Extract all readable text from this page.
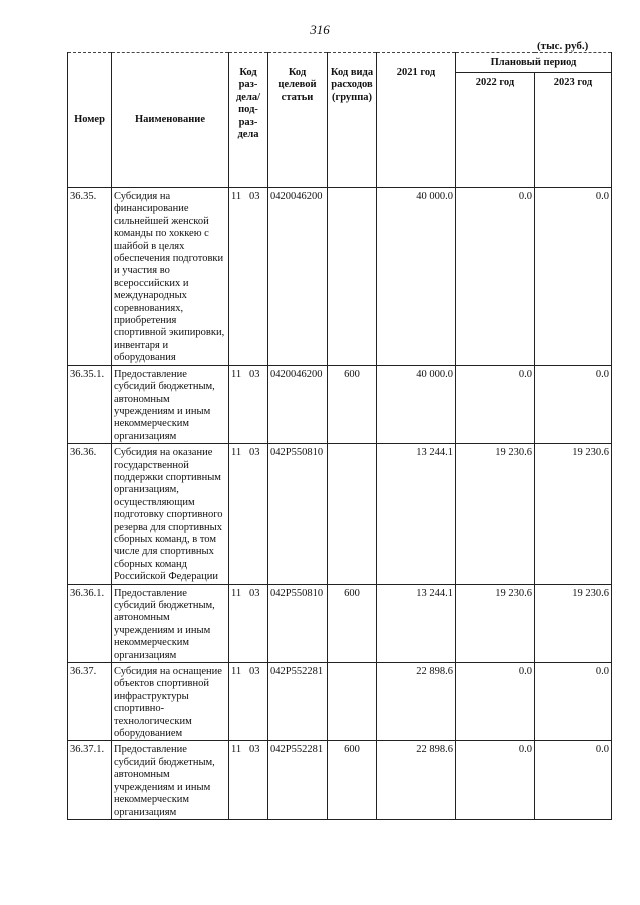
316
(тыс. руб.)
Номер	Наименование	Код раз- дела/ под- раз- дела	Код целевой статьи	Код вида расходов (группа)	2021 год	Плановый период	
						2022 год	2023 год
36.35.	Субсидия на финансирование сильнейшей женской команды по хоккею с шайбой в целях обеспечения подготовки и участия во всероссийских и международных соревнованиях, приобретения спортивной экипировки, инвентаря и оборудования	11   03	0420046200		40 000.0	0.0	0.0
36.35.1.	Предоставление субсидий бюджетным, автономным учреждениям и иным некоммерческим организациям	11   03	0420046200	600	40 000.0	0.0	0.0
36.36.	Субсидия на оказание государственной поддержки спортивным организациям, осуществляющим подготовку спортивного резерва для спортивных сборных команд, в том числе для спортивных сборных команд Российской Федерации	11   03	042P550810		13 244.1	19 230.6	19 230.6
36.36.1.	Предоставление субсидий бюджетным, автономным учреждениям и иным некоммерческим организациям	11   03	042P550810	600	13 244.1	19 230.6	19 230.6
36.37.	Субсидия на оснащение объектов спортивной инфраструктуры спортивно-технологическим оборудованием	11   03	042P552281		22 898.6	0.0	0.0
36.37.1.	Предоставление субсидий бюджетным, автономным учреждениям и иным некоммерческим организациям	11   03	042P552281	600	22 898.6	0.0	0.0
